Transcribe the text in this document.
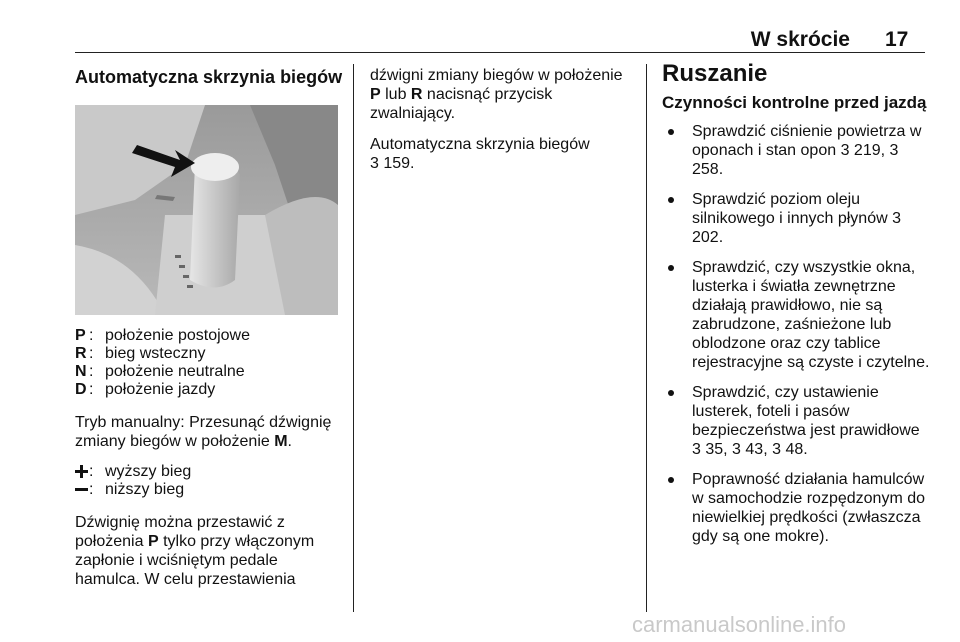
W skrócie 17
Automatyczna skrzynia biegów
P : położenie postojowe
R : bieg wsteczny
N : położenie neutralne
D : położenie jazdy

Tryb manualny: Przesunąć dźwignię zmiany biegów w położenie M.

: wyższy bieg
: niższy bieg

Dźwignię można przestawić z położenia P tylko przy włączonym zapłonie i wciśniętym pedale hamulca. W celu przestawienia

dźwigni zmiany biegów w położenie P lub R nacisnąć przycisk zwalniający.

Automatyczna skrzynia biegów
3 159.

Ruszanie
Czynności kontrolne przed jazdą
Sprawdzić ciśnienie powietrza w oponach i stan opon 3 219, 3 258.
Sprawdzić poziom oleju silnikowego i innych płynów 3 202.
Sprawdzić, czy wszystkie okna, lusterka i światła zewnętrzne działają prawidłowo, nie są zabrudzone, zaśnieżone lub oblodzone oraz czy tablice rejestracyjne są czyste i czytelne.
Sprawdzić, czy ustawienie lusterek, foteli i pasów bezpieczeństwa jest prawidłowe 3 35, 3 43, 3 48.
Poprawność działania hamulców w samochodzie rozpędzonym do niewielkiej prędkości (zwłaszcza gdy są one mokre).
carmanualsonline.info
